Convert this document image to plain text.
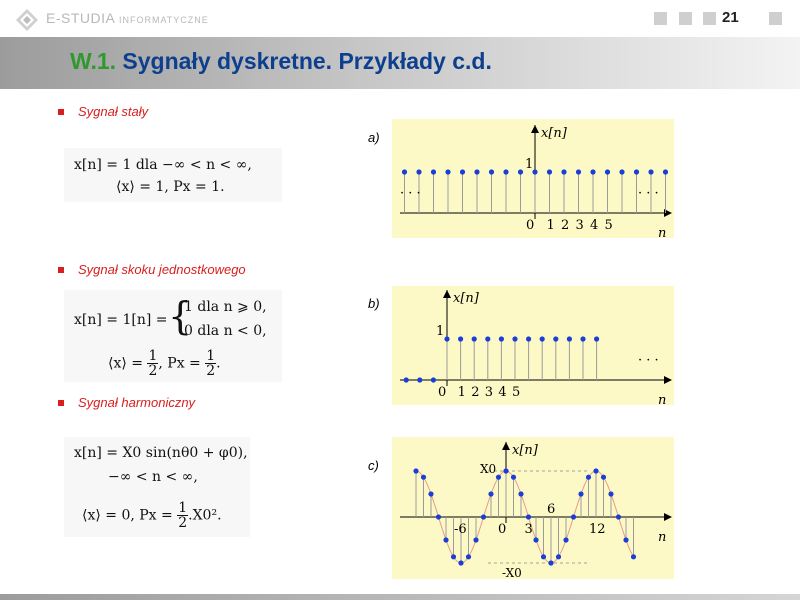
E-STUDIA INFORMATYCZNE	21
W.1. Sygnały dyskretne. Przykłady c.d.
Sygnał stały
Sygnał skoku jednostkowego
Sygnał harmoniczny
x[n] = 1 dla −∞ < n < ∞,
⟨x⟩ = 1, Px = 1.
x[n] = 1[n] = {
1 dla n ⩾ 0,
0 dla n < 0,
⟨x⟩ = $\frac{1}{2}$ , $Px = \frac{1}{2}$ .
x[n] = X0 sin(nθ0 + φ0),
−∞ < n < ∞,
⟨x⟩ = 0, $Px = \frac{1}{2} .X0^2$.
a)
b)
c)
x[n]
n
1
0 1 2 3 4 5
· · ·	· · ·
x[n]
n
1
0 1 2 3 4 5
· · ·
x[n]
n
X0
-X0
-6 0 3
6
12
